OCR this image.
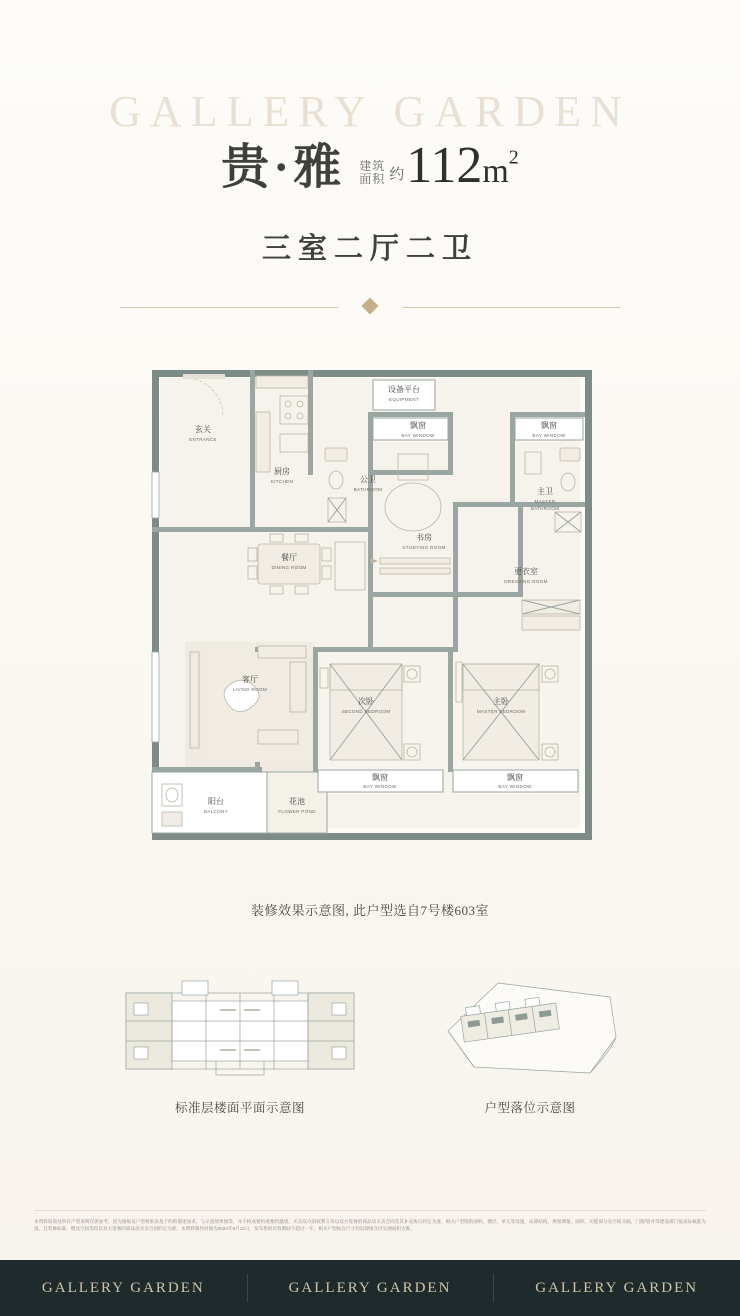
GALLERY GARDEN
贵·雅 建筑
面积 约 $112m^2$
三室二厅二卫
玄关
ENTRANCE
厨房
KITCHEN
设备平台
EQUIPMENT
公卫
BATHROOM
飘窗
BAY WINDOW
飘窗
BAY WINDOW
主卫
MASTER
BATHROOM
书房
STUDYING ROOM
餐厅
DINING ROOM	更衣室
DRESSING ROOM
客厅
LIVING ROOM
次卧
SECOND BEDROOM
主卧
MASTER BEDROOM
飘窗
BAY WINDOW
飘窗
BAY WINDOW
阳台
BALCONY
花池
FLOWER POND
装修效果示意图, 此户型选自7号楼603室
标准层楼面平面示意图	户型落位示意图
本资料简简及所有产型说明仅供参考，因为图纸及户型效果表基于约的描述而来，与示意效果图等，并不构成要约或要约邀请。买卖双方的权利义务以双方签署的商品房买卖合同及其补充协议约定为准。相关户型图的面积、楼层、单元等设施、局部结构、规划测量、面积、功能部分及空间分隔、门窗/管井等建设部门按实际核准为准。且装修标准、赠送空间等均以双方签署的商品房买卖合同约定为准。本资料制作时间为2024年8月12日，发布售的有效期间不超过一年，相关户型标注尺寸均以现场交付实测面积为准。
GALLERY GARDEN	GALLERY GARDEN	GALLERY GARDEN
